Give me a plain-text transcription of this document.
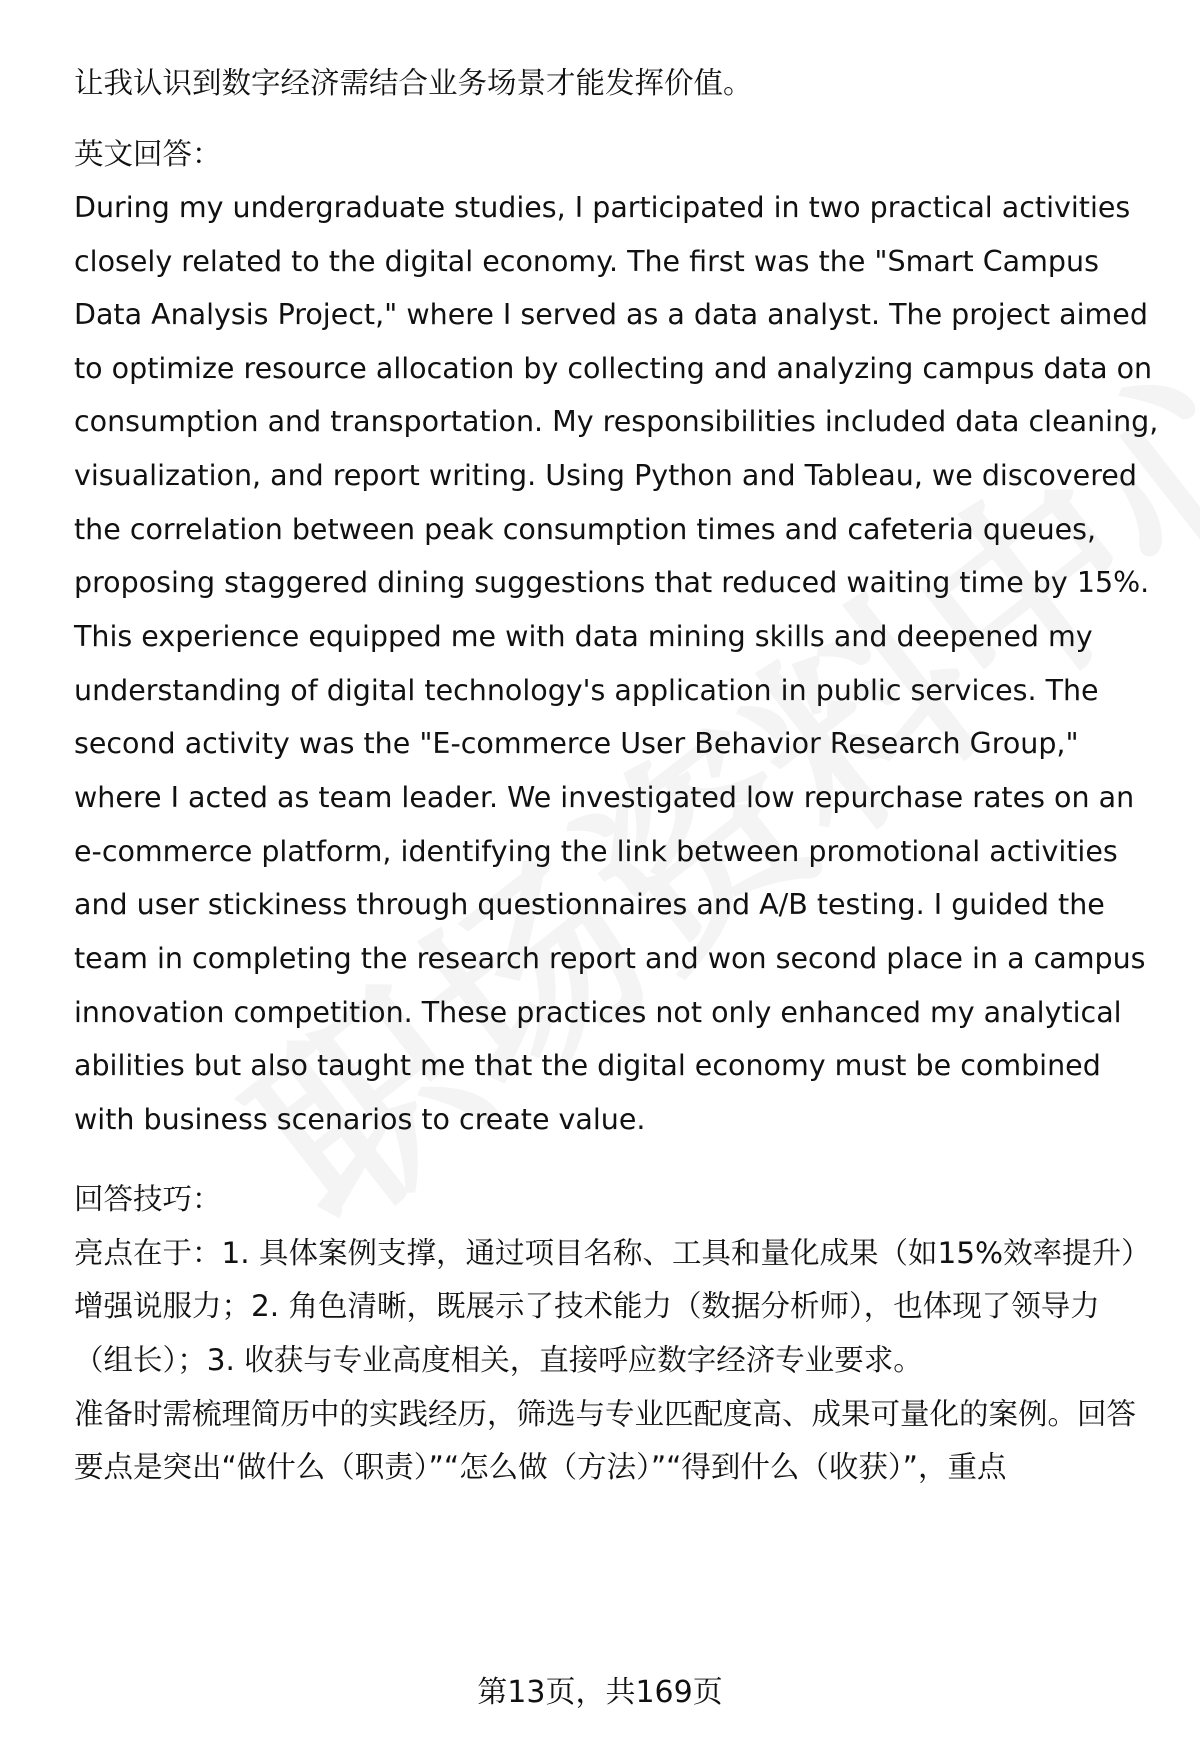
让我认识到数字经济需结合业务场景才能发挥价值。
英文回答：
During my undergraduate studies, I participated in two practical activities
closely related to the digital economy. The first was the "Smart Campus
Data Analysis Project," where I served as a data analyst. The project aimed
to optimize resource allocation by collecting and analyzing campus data on
consumption and transportation. My responsibilities included data cleaning,
visualization, and report writing. Using Python and Tableau, we discovered
the correlation between peak consumption times and cafeteria queues,
proposing staggered dining suggestions that reduced waiting time by 15%.
This experience equipped me with data mining skills and deepened my
understanding of digital technology's application in public services. The
second activity was the "E-commerce User Behavior Research Group,"
where I acted as team leader. We investigated low repurchase rates on an
e-commerce platform, identifying the link between promotional activities
and user stickiness through questionnaires and A/B testing. I guided the
team in completing the research report and won second place in a campus
innovation competition. These practices not only enhanced my analytical
abilities but also taught me that the digital economy must be combined
with business scenarios to create value.
回答技巧：
亮点在于：1. 具体案例支撑，通过项目名称、工具和量化成果（如15%效率提升）
增强说服力；2. 角色清晰，既展示了技术能力（数据分析师），也体现了领导力
（组长）；3. 收获与专业高度相关，直接呼应数字经济专业要求。
准备时需梳理简历中的实践经历，筛选与专业匹配度高、成果可量化的案例。回答
要点是突出“做什么（职责）”“怎么做（方法）”“得到什么（收获）”，重点
第13页，共169页
